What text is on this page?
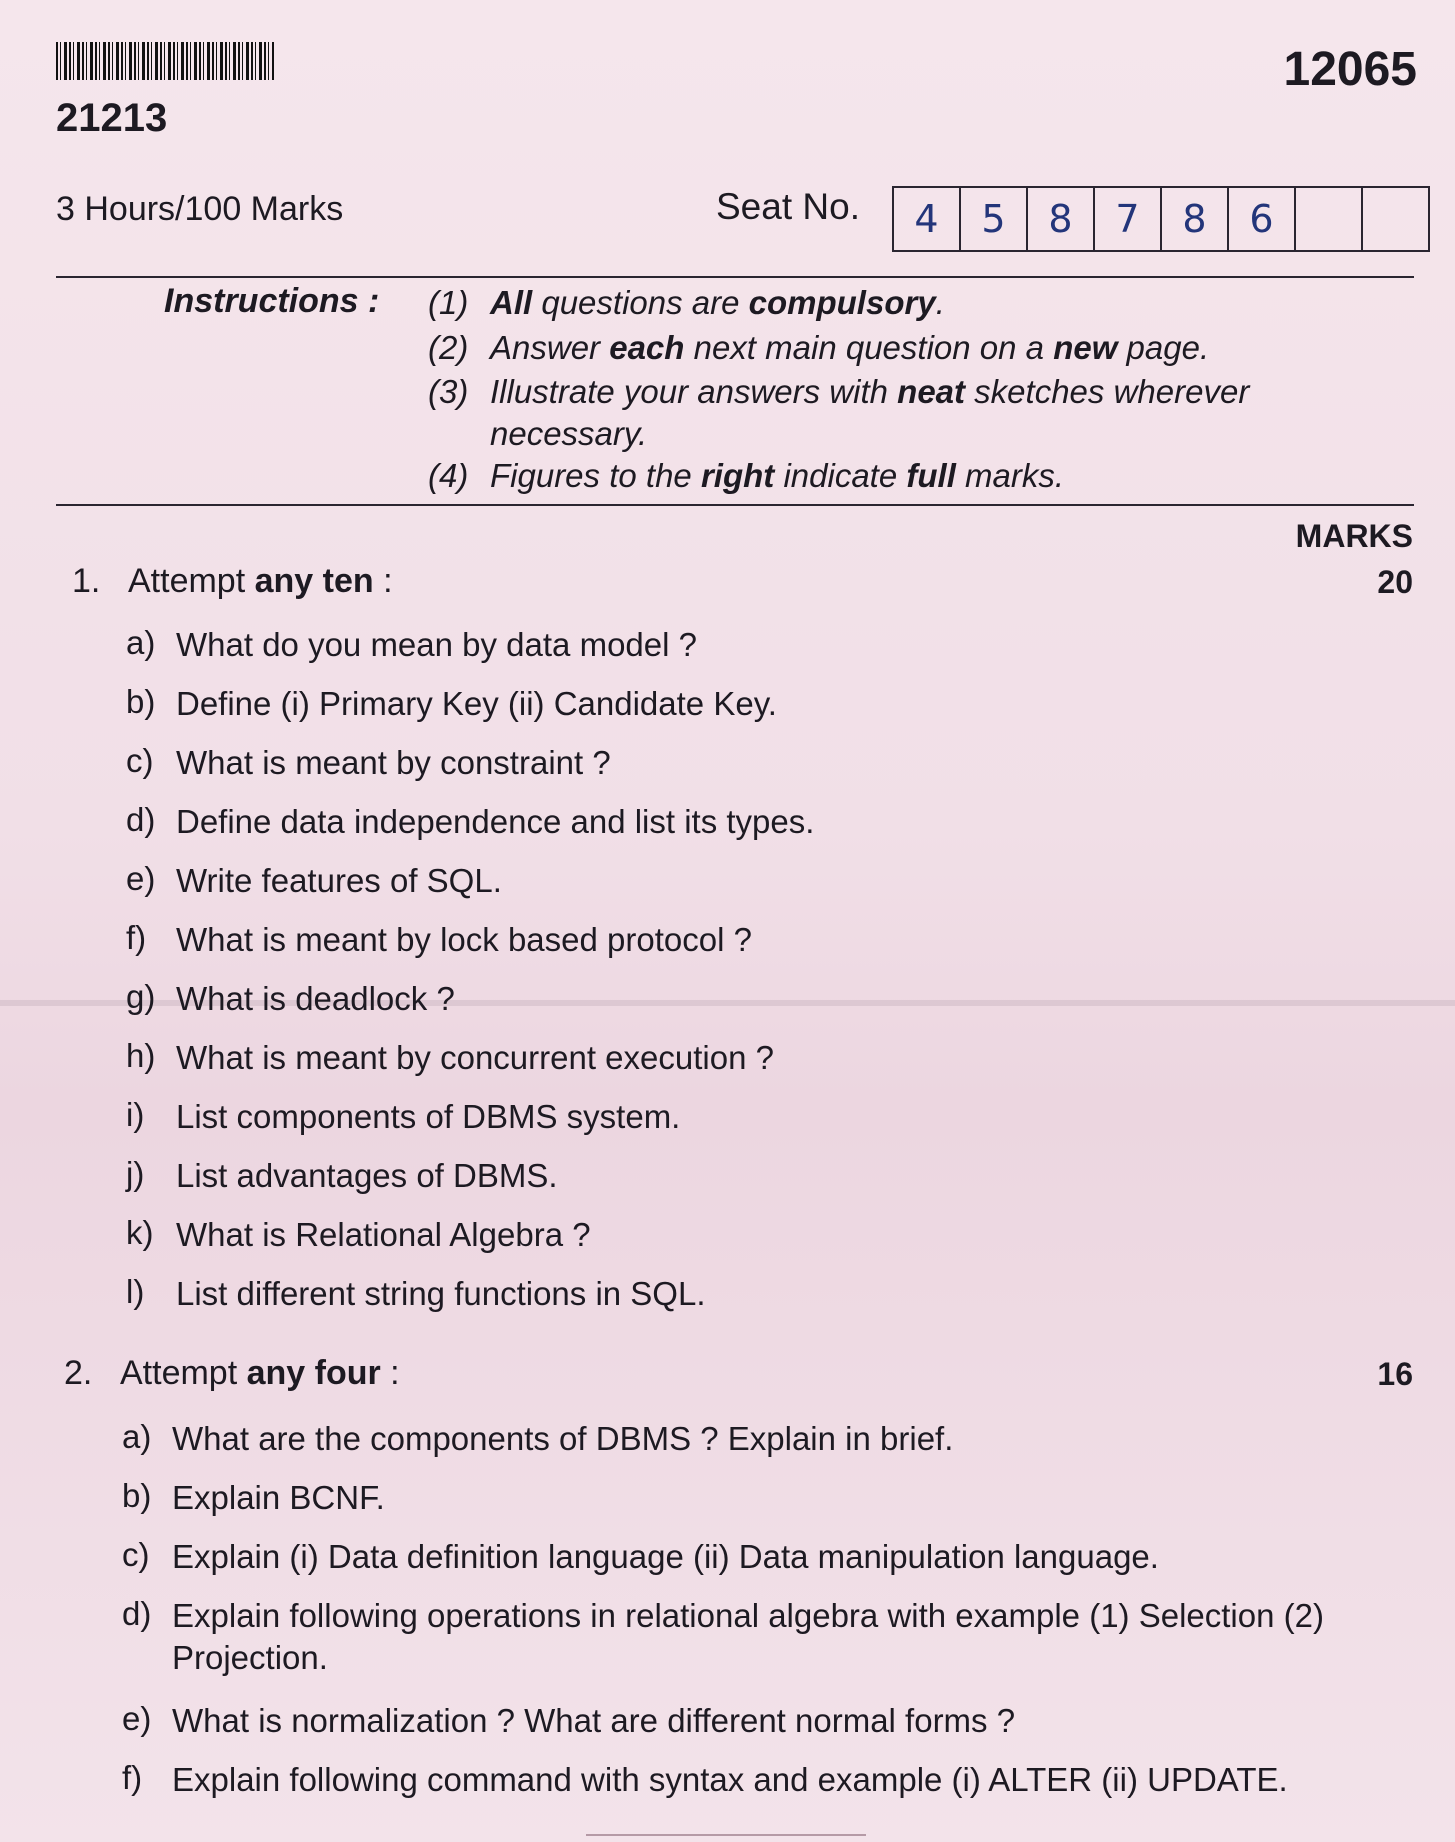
21213
12065
3 Hours/100 Marks	Seat No.	4	5	8	7	8	6
Instructions : (1) All questions are compulsory.
(2) Answer each next main question on a new page.
(3) Illustrate your answers with neat sketches wherever
necessary.
(4) Figures to the right indicate full marks.
MARKS
1. Attempt any ten :	20
a) What do you mean by data model ?
b) Define (i) Primary Key (ii) Candidate Key.
c) What is meant by constraint ?
d) Define data independence and list its types.
e) Write features of SQL.
f) What is meant by lock based protocol ?
g) What is deadlock ?
h) What is meant by concurrent execution ?
i) List components of DBMS system.
j) List advantages of DBMS.
k) What is Relational Algebra ?
l) List different string functions in SQL.
2. Attempt any four :	16
a) What are the components of DBMS ? Explain in brief.
b) Explain BCNF.
c) Explain (i) Data definition language (ii) Data manipulation language.
d) Explain following operations in relational algebra with example (1) Selection (2) Projection.
e) What is normalization ? What are different normal forms ?
f) Explain following command with syntax and example (i) ALTER (ii) UPDATE.
